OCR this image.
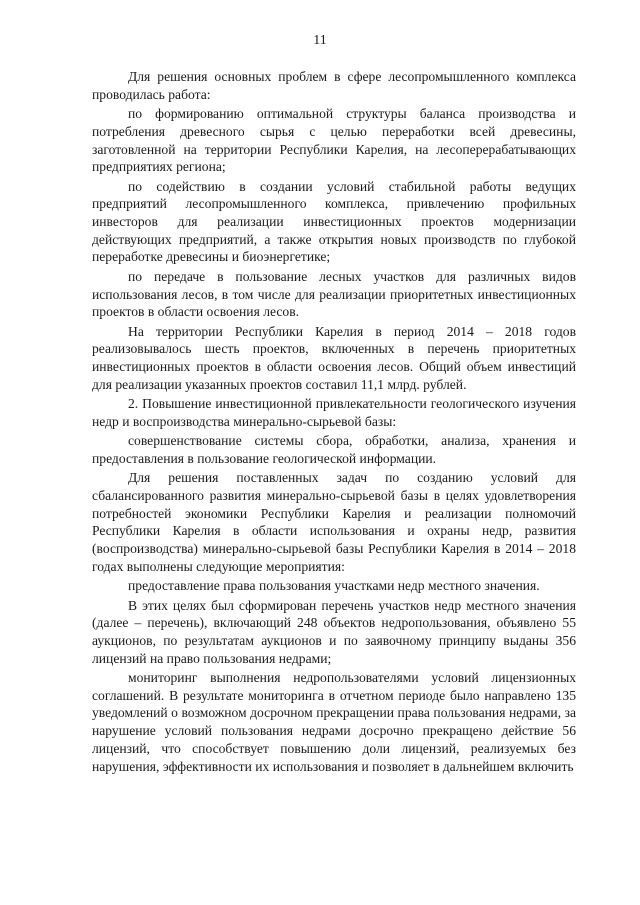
11

Для решения основных проблем в сфере лесопромышленного комплекса проводилась работа:

по формированию оптимальной структуры баланса производства и потребления древесного сырья с целью переработки всей древесины, заготовленной на территории Республики Карелия, на лесоперерабатывающих предприятиях региона;

по содействию в создании условий стабильной работы ведущих предприятий лесопромышленного комплекса, привлечению профильных инвесторов для реализации инвестиционных проектов модернизации действующих предприятий, а также открытия новых производств по глубокой переработке древесины и биоэнергетике;

по передаче в пользование лесных участков для различных видов использования лесов, в том числе для реализации приоритетных инвестиционных проектов в области освоения лесов.

На территории Республики Карелия в период 2014 – 2018 годов реализовывалось шесть проектов, включенных в перечень приоритетных инвестиционных проектов в области освоения лесов. Общий объем инвестиций для реализации указанных проектов составил 11,1 млрд. рублей.

2. Повышение инвестиционной привлекательности геологического изучения недр и воспроизводства минерально-сырьевой базы:

совершенствование системы сбора, обработки, анализа, хранения и предоставления в пользование геологической информации.

Для решения поставленных задач по созданию условий для сбалансированного развития минерально-сырьевой базы в целях удовлетворения потребностей экономики Республики Карелия и реализации полномочий Республики Карелия в области использования и охраны недр, развития (воспроизводства) минерально-сырьевой базы Республики Карелия в 2014 – 2018 годах выполнены следующие мероприятия:

предоставление права пользования участками недр местного значения.

В этих целях был сформирован перечень участков недр местного значения (далее – перечень), включающий 248 объектов недропользования, объявлено 55 аукционов, по результатам аукционов и по заявочному принципу выданы 356 лицензий на право пользования недрами;

мониторинг выполнения недропользователями условий лицензионных соглашений. В результате мониторинга в отчетном периоде было направлено 135 уведомлений о возможном досрочном прекращении права пользования недрами, за нарушение условий пользования недрами досрочно прекращено действие 56 лицензий, что способствует повышению доли лицензий, реализуемых без нарушения, эффективности их использования и позволяет в дальнейшем включить
